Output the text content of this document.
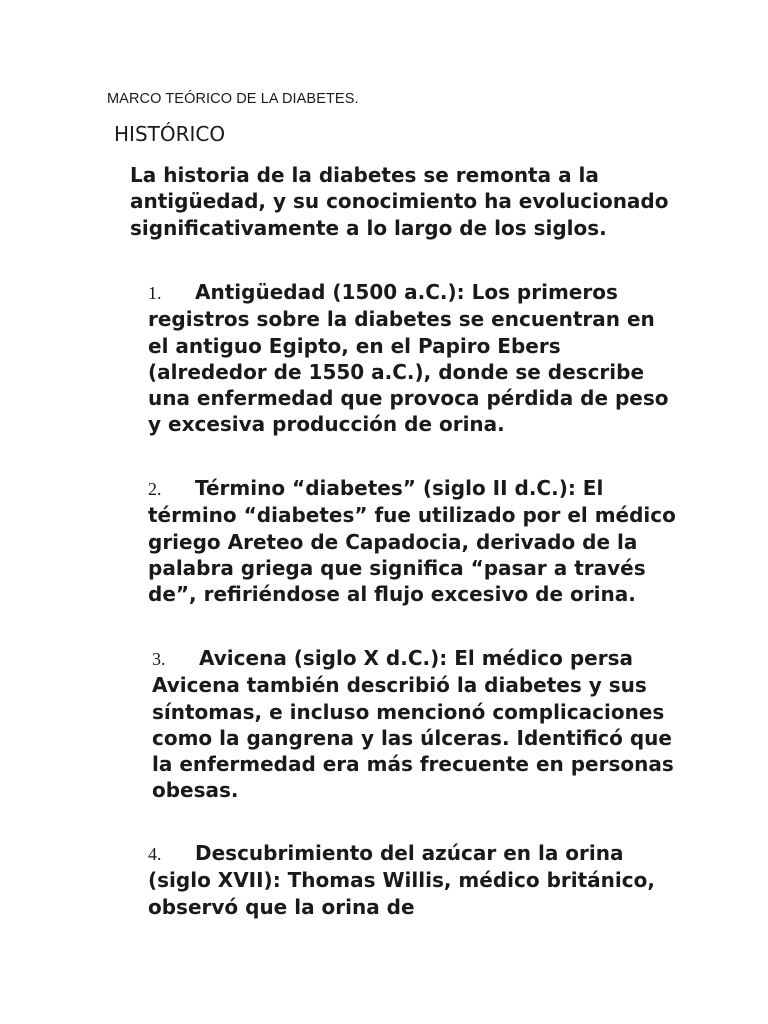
MARCO TEÓRICO DE LA DIABETES.
HISTÓRICO

La historia de la diabetes se remonta a la antigüedad, y su conocimiento ha evolucionado significativamente a lo largo de los siglos.

1. Antigüedad (1500 a.C.): Los primeros registros sobre la diabetes se encuentran en el antiguo Egipto, en el Papiro Ebers (alrededor de 1550 a.C.), donde se describe una enfermedad que provoca pérdida de peso y excesiva producción de orina.

2. Término “diabetes” (siglo II d.C.): El término “diabetes” fue utilizado por el médico griego Areteo de Capadocia, derivado de la palabra griega que significa “pasar a través de”, refiriéndose al flujo excesivo de orina.

3. Avicena (siglo X d.C.): El médico persa Avicena también describió la diabetes y sus síntomas, e incluso mencionó complicaciones como la gangrena y las úlceras. Identificó que la enfermedad era más frecuente en personas obesas.

4. Descubrimiento del azúcar en la orina (siglo XVII): Thomas Willis, médico británico, observó que la orina de
